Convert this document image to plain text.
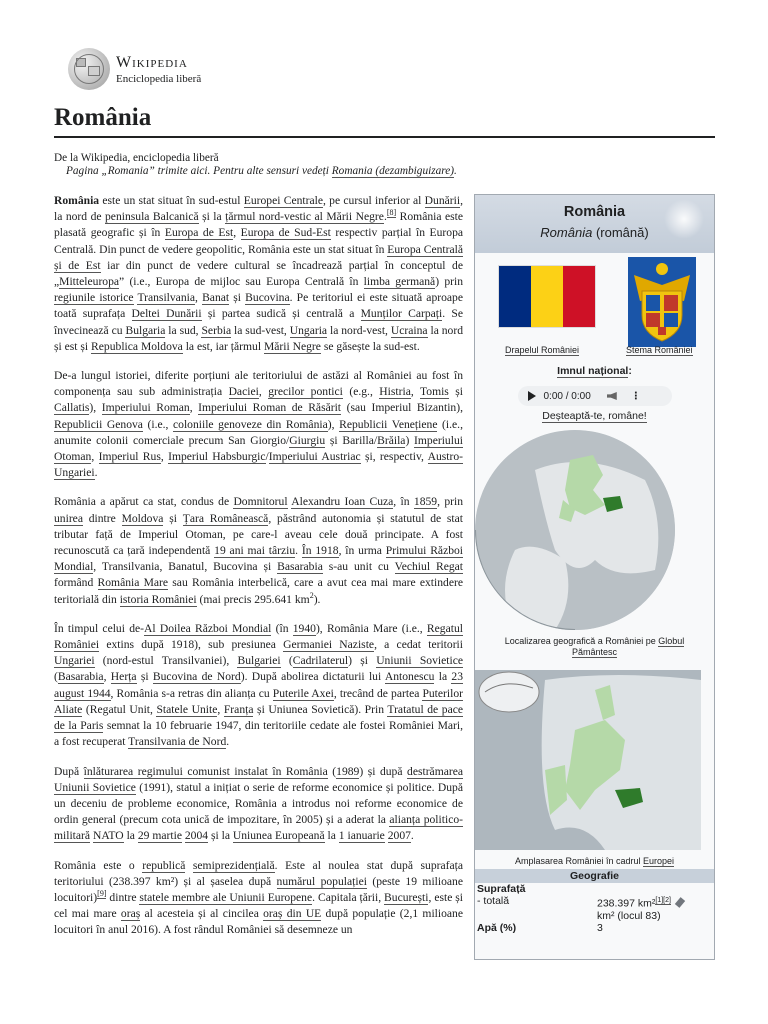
Wikipedia
Enciclopedia liberă
România
De la Wikipedia, enciclopedia liberă
Pagina „Romania” trimite aici. Pentru alte sensuri vedeți Romania (dezambiguizare).

România este un stat situat în sud-estul Europei Centrale, pe cursul inferior al Dunării, la nord de peninsula Balcanică și la țărmul nord-vestic al Mării Negre.[8] România este plasată geografic și în Europa de Est, Europa de Sud-Est respectiv parțial în Europa Centrală. Din punct de vedere geopolitic, România este un stat situat în Europa Centrală și de Est iar din punct de vedere cultural se încadrează parțial în conceptul de „Mitteleuropa” (i.e., Europa de mijloc sau Europa Centrală în limba germană) prin regiunile istorice Transilvania, Banat și Bucovina. Pe teritoriul ei este situată aproape toată suprafața Deltei Dunării și partea sudică și centrală a Munților Carpați. Se învecinează cu Bulgaria la sud, Serbia la sud-vest, Ungaria la nord-vest, Ucraina la nord și est și Republica Moldova la est, iar țărmul Mării Negre se găsește la sud-est.

De-a lungul istoriei, diferite porțiuni ale teritoriului de astăzi al României au fost în componența sau sub administrația Daciei, grecilor pontici (e.g., Histria, Tomis și Callatis), Imperiului Roman, Imperiului Roman de Răsărit (sau Imperiul Bizantin), Republicii Genova (i.e., coloniile genoveze din România), Republicii Venețiene (i.e., anumite colonii comerciale precum San Giorgio/Giurgiu și Barilla/Brăila) Imperiului Otoman, Imperiul Rus, Imperiul Habsburgic/Imperiului Austriac și, respectiv, Austro-Ungariei.

România a apărut ca stat, condus de Domnitorul Alexandru Ioan Cuza, în 1859, prin unirea dintre Moldova și Țara Românească, păstrând autonomia și statutul de stat tributar față de Imperiul Otoman, pe care-l aveau cele două principate. A fost recunoscută ca țară independentă 19 ani mai târziu. În 1918, în urma Primului Război Mondial, Transilvania, Banatul, Bucovina și Basarabia s-au unit cu Vechiul Regat formând România Mare sau România interbelică, care a avut cea mai mare extindere teritorială din istoria României (mai precis 295.641 $km^2$).

În timpul celui de-Al Doilea Război Mondial (în 1940), România Mare (i.e., Regatul României extins după 1918), sub presiunea Germaniei Naziste, a cedat teritorii Ungariei (nord-estul Transilvaniei), Bulgariei (Cadrilaterul) și Uniunii Sovietice (Basarabia, Herța și Bucovina de Nord). După abolirea dictaturii lui Antonescu la 23 august 1944, România s-a retras din alianța cu Puterile Axei, trecând de partea Puterilor Aliate (Regatul Unit, Statele Unite, Franța și Uniunea Sovietică). Prin Tratatul de pace de la Paris semnat la 10 februarie 1947, din teritoriile cedate ale fostei României Mari, a fost recuperat Transilvania de Nord.

După înlăturarea regimului comunist instalat în România (1989) și după destrămarea Uniunii Sovietice (1991), statul a inițiat o serie de reforme economice și politice. După un deceniu de probleme economice, România a introdus noi reforme economice de ordin general (precum cota unică de impozitare, în 2005) și a aderat la alianța politico-militară NATO la 29 martie 2004 și la Uniunea Europeană la 1 ianuarie 2007.

România este o republică semiprezidențială. Este al noulea stat după suprafața teritoriului (238.397 km²) și al șaselea după numărul populației (peste 19 milioane locuitori)[9] dintre statele membre ale Uniunii Europene. Capitala țării, București, este și cel mai mare oraș al acesteia și al cincilea oraș din UE după populație (2,1 milioane locuitori în anul 2016). A fost rândul României să desemneze un

România
România (română)
Drapelul României	Stema României
Imnul național:
0:00 / 0:00	⋮
Deșteaptă-te, române!
Localizarea geografică a României pe Globul Pământesc
Amplasarea României în cadrul Europei
Geografie
Suprafață
- totală	238.397 km²[1][2]
km² (locul 83)
Apă (%)	3
